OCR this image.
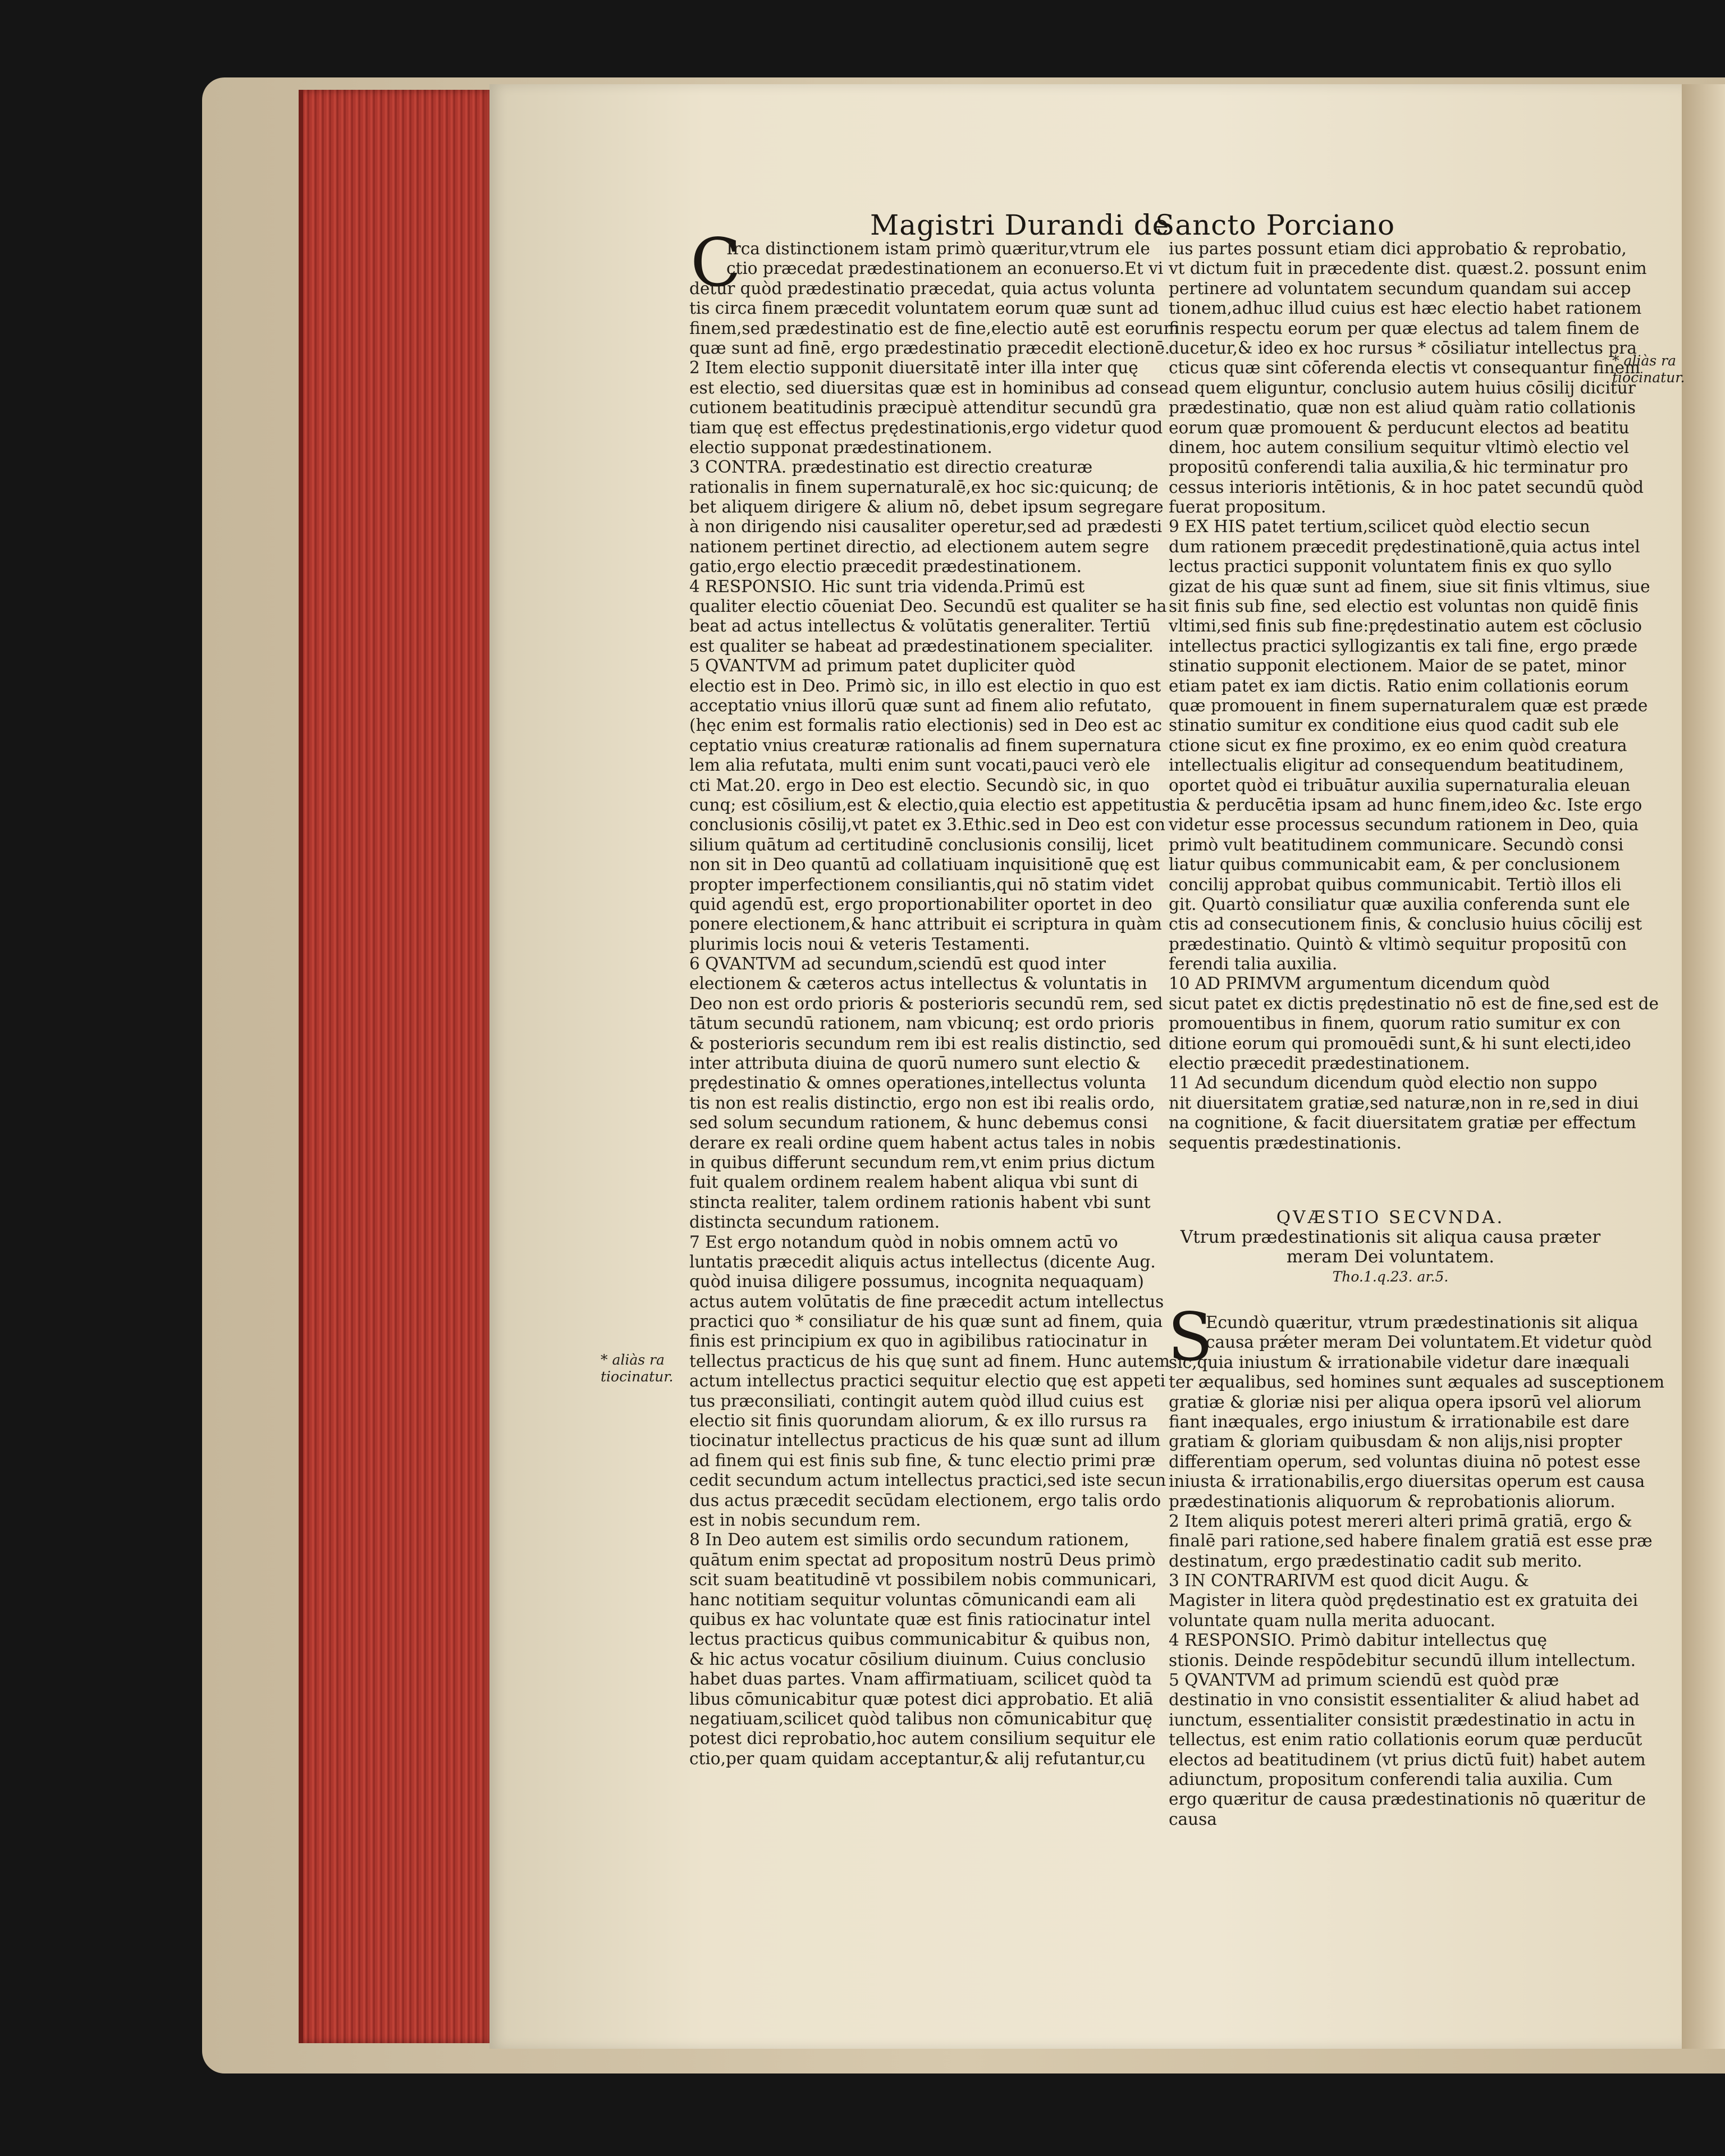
Magistri Durandi de
Sancto Porciano
C
S
Irca distinctionem istam primò quæritur,vtrum ele
ctio præcedat prædestinationem an econuerso.Et vi
detur quòd prædestinatio præcedat, quia actus volunta
tis circa finem præcedit voluntatem eorum quæ sunt ad
finem,sed prædestinatio est de fine,electio autē est eorum
quæ sunt ad finē, ergo prædestinatio præcedit electionē.
2 Item electio supponit diuersitatē inter illa inter quę
est electio, sed diuersitas quæ est in hominibus ad conse
cutionem beatitudinis præcipuè attenditur secundū gra
tiam quę est effectus prędestinationis,ergo videtur quod
electio supponat prædestinationem.
3 CONTRA. prædestinatio est directio creaturæ
rationalis in finem supernaturalē,ex hoc sic:quicunq; de
bet aliquem dirigere & alium nō, debet ipsum segregare
à non dirigendo nisi causaliter operetur,sed ad prædesti
nationem pertinet directio, ad electionem autem segre
gatio,ergo electio præcedit prædestinationem.
4 RESPONSIO. Hic sunt tria videnda.Primū est
qualiter electio cōueniat Deo. Secundū est qualiter se ha
beat ad actus intellectus & volūtatis generaliter. Tertiū
est qualiter se habeat ad prædestinationem specialiter.
5 QVANTVM ad primum patet dupliciter quòd
electio est in Deo. Primò sic, in illo est electio in quo est
acceptatio vnius illorū quæ sunt ad finem alio refutato,
(hęc enim est formalis ratio electionis) sed in Deo est ac
ceptatio vnius creaturæ rationalis ad finem supernatura
lem alia refutata, multi enim sunt vocati,pauci verò ele
cti Mat.20. ergo in Deo est electio. Secundò sic, in quo
cunq; est cōsilium,est & electio,quia electio est appetitus
conclusionis cōsilij,vt patet ex 3.Ethic.sed in Deo est con
silium quātum ad certitudinē conclusionis consilij, licet
non sit in Deo quantū ad collatiuam inquisitionē quę est
propter imperfectionem consiliantis,qui nō statim videt
quid agendū est, ergo proportionabiliter oportet in deo
ponere electionem,& hanc attribuit ei scriptura in quàm
plurimis locis noui & veteris Testamenti.
6 QVANTVM ad secundum,sciendū est quod inter
electionem & cæteros actus intellectus & voluntatis in
Deo non est ordo prioris & posterioris secundū rem, sed
tātum secundū rationem, nam vbicunq; est ordo prioris
& posterioris secundum rem ibi est realis distinctio, sed
inter attributa diuina de quorū numero sunt electio &
prędestinatio & omnes operationes,intellectus volunta
tis non est realis distinctio, ergo non est ibi realis ordo,
sed solum secundum rationem, & hunc debemus consi
derare ex reali ordine quem habent actus tales in nobis
in quibus differunt secundum rem,vt enim prius dictum
fuit qualem ordinem realem habent aliqua vbi sunt di
stincta realiter, talem ordinem rationis habent vbi sunt
distincta secundum rationem.
7 Est ergo notandum quòd in nobis omnem actū vo
luntatis præcedit aliquis actus intellectus (dicente Aug.
quòd inuisa diligere possumus, incognita nequaquam)
actus autem volūtatis de fine præcedit actum intellectus
practici quo * consiliatur de his quæ sunt ad finem, quia
finis est principium ex quo in agibilibus ratiocinatur in
tellectus practicus de his quę sunt ad finem. Hunc autem
actum intellectus practici sequitur electio quę est appeti
tus præconsiliati, contingit autem quòd illud cuius est
electio sit finis quorundam aliorum, & ex illo rursus ra
tiocinatur intellectus practicus de his quæ sunt ad illum
ad finem qui est finis sub fine, & tunc electio primi præ
cedit secundum actum intellectus practici,sed iste secun
dus actus præcedit secūdam electionem, ergo talis ordo
est in nobis secundum rem.
8 In Deo autem est similis ordo secundum rationem,
quātum enim spectat ad propositum nostrū Deus primò
scit suam beatitudinē vt possibilem nobis communicari,
hanc notitiam sequitur voluntas cōmunicandi eam ali
quibus ex hac voluntate quæ est finis ratiocinatur intel
lectus practicus quibus communicabitur & quibus non,
& hic actus vocatur cōsilium diuinum. Cuius conclusio
habet duas partes. Vnam affirmatiuam, scilicet quòd ta
libus cōmunicabitur quæ potest dici approbatio. Et aliā
negatiuam,scilicet quòd talibus non cōmunicabitur quę
potest dici reprobatio,hoc autem consilium sequitur ele
ctio,per quam quidam acceptantur,& alij refutantur,cu
ius partes possunt etiam dici approbatio & reprobatio,
vt dictum fuit in præcedente dist. quæst.2. possunt enim
pertinere ad voluntatem secundum quandam sui accep
tionem,adhuc illud cuius est hæc electio habet rationem
finis respectu eorum per quæ electus ad talem finem de
ducetur,& ideo ex hoc rursus * cōsiliatur intellectus pra
cticus quæ sint cōferenda electis vt consequantur finem
ad quem eliguntur, conclusio autem huius cōsilij dicitur
prædestinatio, quæ non est aliud quàm ratio collationis
eorum quæ promouent & perducunt electos ad beatitu
dinem, hoc autem consilium sequitur vltimò electio vel
propositū conferendi talia auxilia,& hic terminatur pro
cessus interioris intētionis, & in hoc patet secundū quòd
fuerat propositum.
9 EX HIS patet tertium,scilicet quòd electio secun
dum rationem præcedit prędestinationē,quia actus intel
lectus practici supponit voluntatem finis ex quo syllo
gizat de his quæ sunt ad finem, siue sit finis vltimus, siue
sit finis sub fine, sed electio est voluntas non quidē finis
vltimi,sed finis sub fine:prędestinatio autem est cōclusio
intellectus practici syllogizantis ex tali fine, ergo præde
stinatio supponit electionem. Maior de se patet, minor
etiam patet ex iam dictis. Ratio enim collationis eorum
quæ promouent in finem supernaturalem quæ est præde
stinatio sumitur ex conditione eius quod cadit sub ele
ctione sicut ex fine proximo, ex eo enim quòd creatura
intellectualis eligitur ad consequendum beatitudinem,
oportet quòd ei tribuātur auxilia supernaturalia eleuan
tia & perducētia ipsam ad hunc finem,ideo &c. Iste ergo
videtur esse processus secundum rationem in Deo, quia
primò vult beatitudinem communicare. Secundò consi
liatur quibus communicabit eam, & per conclusionem
concilij approbat quibus communicabit. Tertiò illos eli
git. Quartò consiliatur quæ auxilia conferenda sunt ele
ctis ad consecutionem finis, & conclusio huius cōcilij est
prædestinatio. Quintò & vltimò sequitur propositū con
ferendi talia auxilia.
10 AD PRIMVM argumentum dicendum quòd
sicut patet ex dictis prędestinatio nō est de fine,sed est de
promouentibus in finem, quorum ratio sumitur ex con
ditione eorum qui promouēdi sunt,& hi sunt electi,ideo
electio præcedit prædestinationem.
11 Ad secundum dicendum quòd electio non suppo
nit diuersitatem gratiæ,sed naturæ,non in re,sed in diui
na cognitione, & facit diuersitatem gratiæ per effectum
sequentis prædestinationis.
QVÆSTIO SECVNDA.
Vtrum prædestinationis sit aliqua causa præter
meram Dei voluntatem.
Tho.1.q.23. ar.5.
Ecundò quæritur, vtrum prædestinationis sit aliqua
causa prǽter meram Dei voluntatem.Et videtur quòd
sic,quia iniustum & irrationabile videtur dare inæquali
ter æqualibus, sed homines sunt æquales ad susceptionem
gratiæ & gloriæ nisi per aliqua opera ipsorū vel aliorum
fiant inæquales, ergo iniustum & irrationabile est dare
gratiam & gloriam quibusdam & non alijs,nisi propter
differentiam operum, sed voluntas diuina nō potest esse
iniusta & irrationabilis,ergo diuersitas operum est causa
prædestinationis aliquorum & reprobationis aliorum.
2 Item aliquis potest mereri alteri primā gratiā, ergo &
finalē pari ratione,sed habere finalem gratiā est esse præ
destinatum, ergo prædestinatio cadit sub merito.
3 IN CONTRARIVM est quod dicit Augu. &
Magister in litera quòd prędestinatio est ex gratuita dei
voluntate quam nulla merita aduocant.
4 RESPONSIO. Primò dabitur intellectus quę
stionis. Deinde respōdebitur secundū illum intellectum.
5 QVANTVM ad primum sciendū est quòd præ
destinatio in vno consistit essentialiter & aliud habet ad
iunctum, essentialiter consistit prædestinatio in actu in
tellectus, est enim ratio collationis eorum quæ perducūt
electos ad beatitudinem (vt prius dictū fuit) habet autem
adiunctum, propositum conferendi talia auxilia. Cum
ergo quæritur de causa prædestinationis nō quæritur de
causa
* aliàs ra
tiocinatur.
* aliàs ra
tiocinatur.
